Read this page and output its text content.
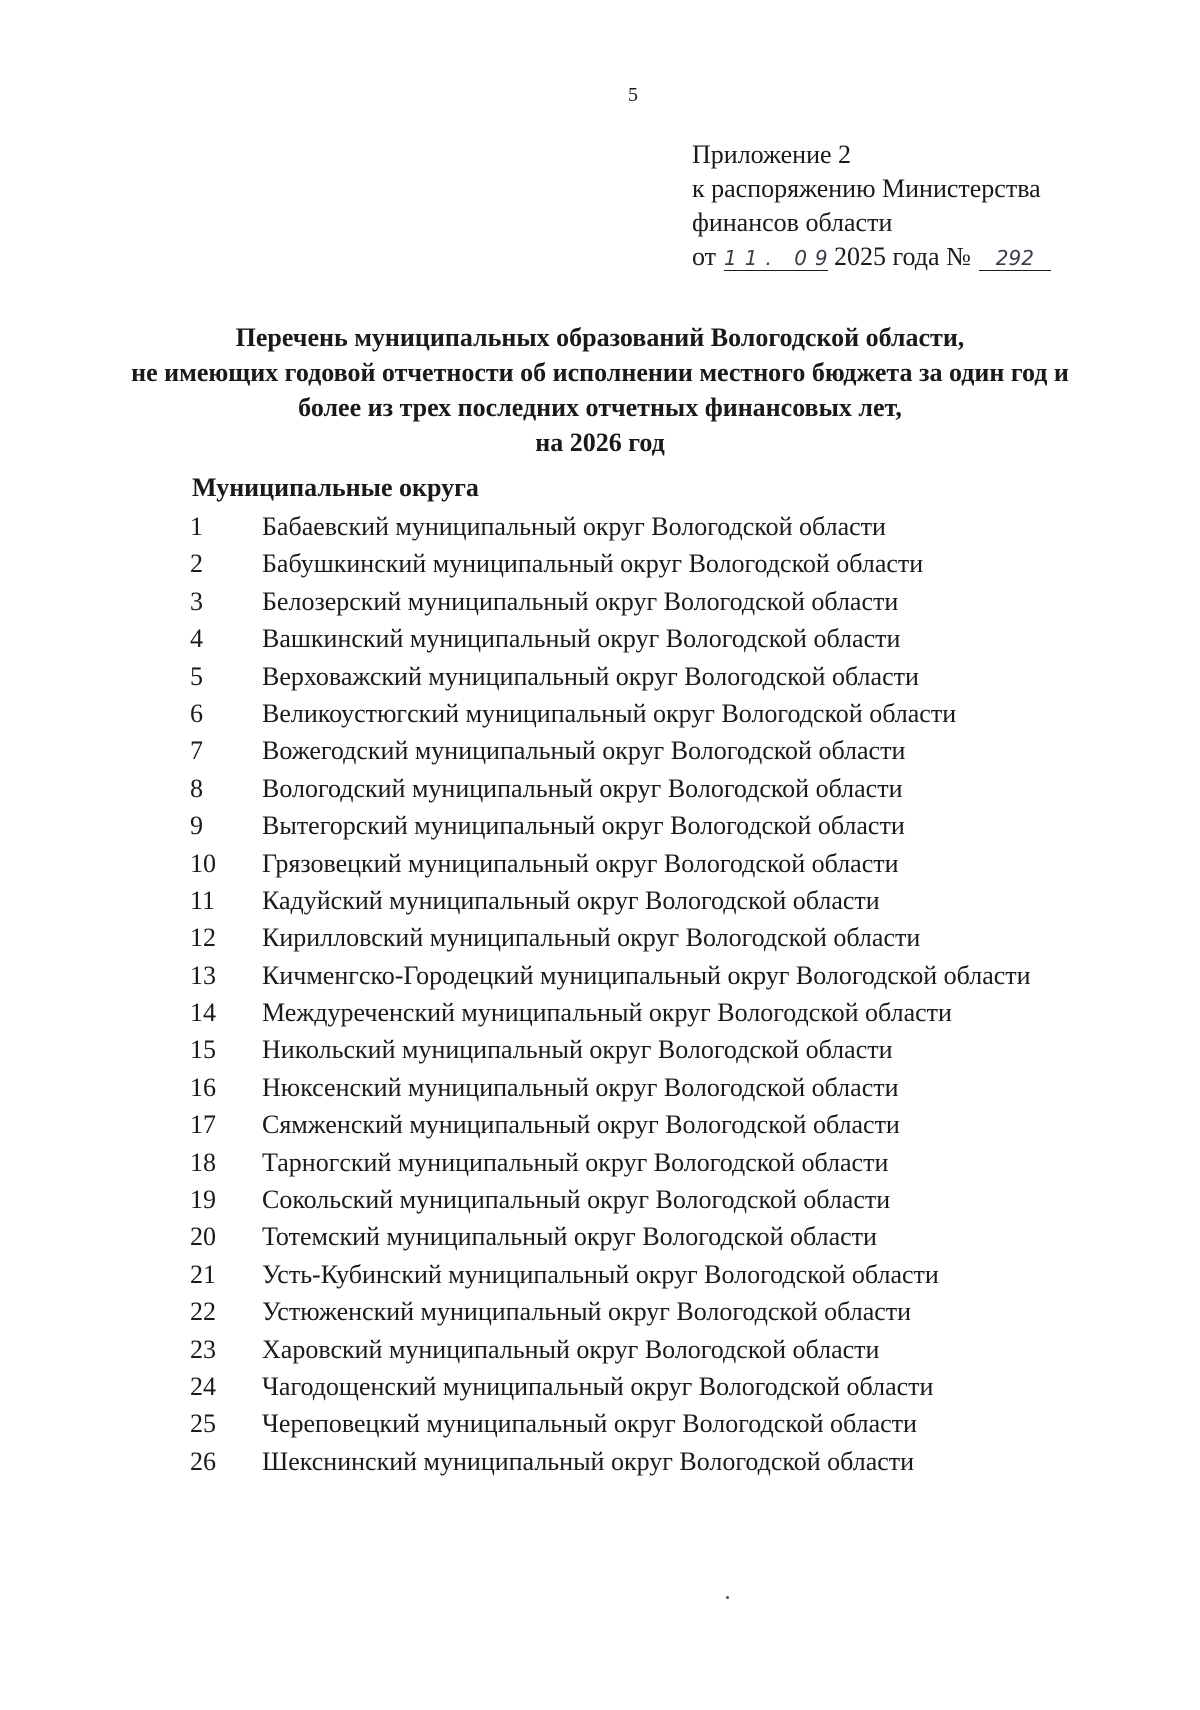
5
Приложение 2
к распоряжению Министерства
финансов области
от 11. 09.2025 года № 292
Перечень муниципальных образований Вологодской области,
не имеющих годовой отчетности об исполнении местного бюджета за один год и
более из трех последних отчетных финансовых лет,
на 2026 год
Муниципальные округа
1 Бабаевский муниципальный округ Вологодской области
2 Бабушкинский муниципальный округ Вологодской области
3 Белозерский муниципальный округ Вологодской области
4 Вашкинский муниципальный округ Вологодской области
5 Верховажский муниципальный округ Вологодской области
6 Великоустюгский муниципальный округ Вологодской области
7 Вожегодский муниципальный округ Вологодской области
8 Вологодский муниципальный округ Вологодской области
9 Вытегорский муниципальный округ Вологодской области
10 Грязовецкий муниципальный округ Вологодской области
11 Кадуйский муниципальный округ Вологодской области
12 Кирилловский муниципальный округ Вологодской области
13 Кичменгско-Городецкий муниципальный округ Вологодской области
14 Междуреченский муниципальный округ Вологодской области
15 Никольский муниципальный округ Вологодской области
16 Нюксенский муниципальный округ Вологодской области
17 Сямженский муниципальный округ Вологодской области
18 Тарногский муниципальный округ Вологодской области
19 Сокольский муниципальный округ Вологодской области
20 Тотемский муниципальный округ Вологодской области
21 Усть-Кубинский муниципальный округ Вологодской области
22 Устюженский муниципальный округ Вологодской области
23 Харовский муниципальный округ Вологодской области
24 Чагодощенский муниципальный округ Вологодской области
25 Череповецкий муниципальный округ Вологодской области
26 Шекснинский муниципальный округ Вологодской области
